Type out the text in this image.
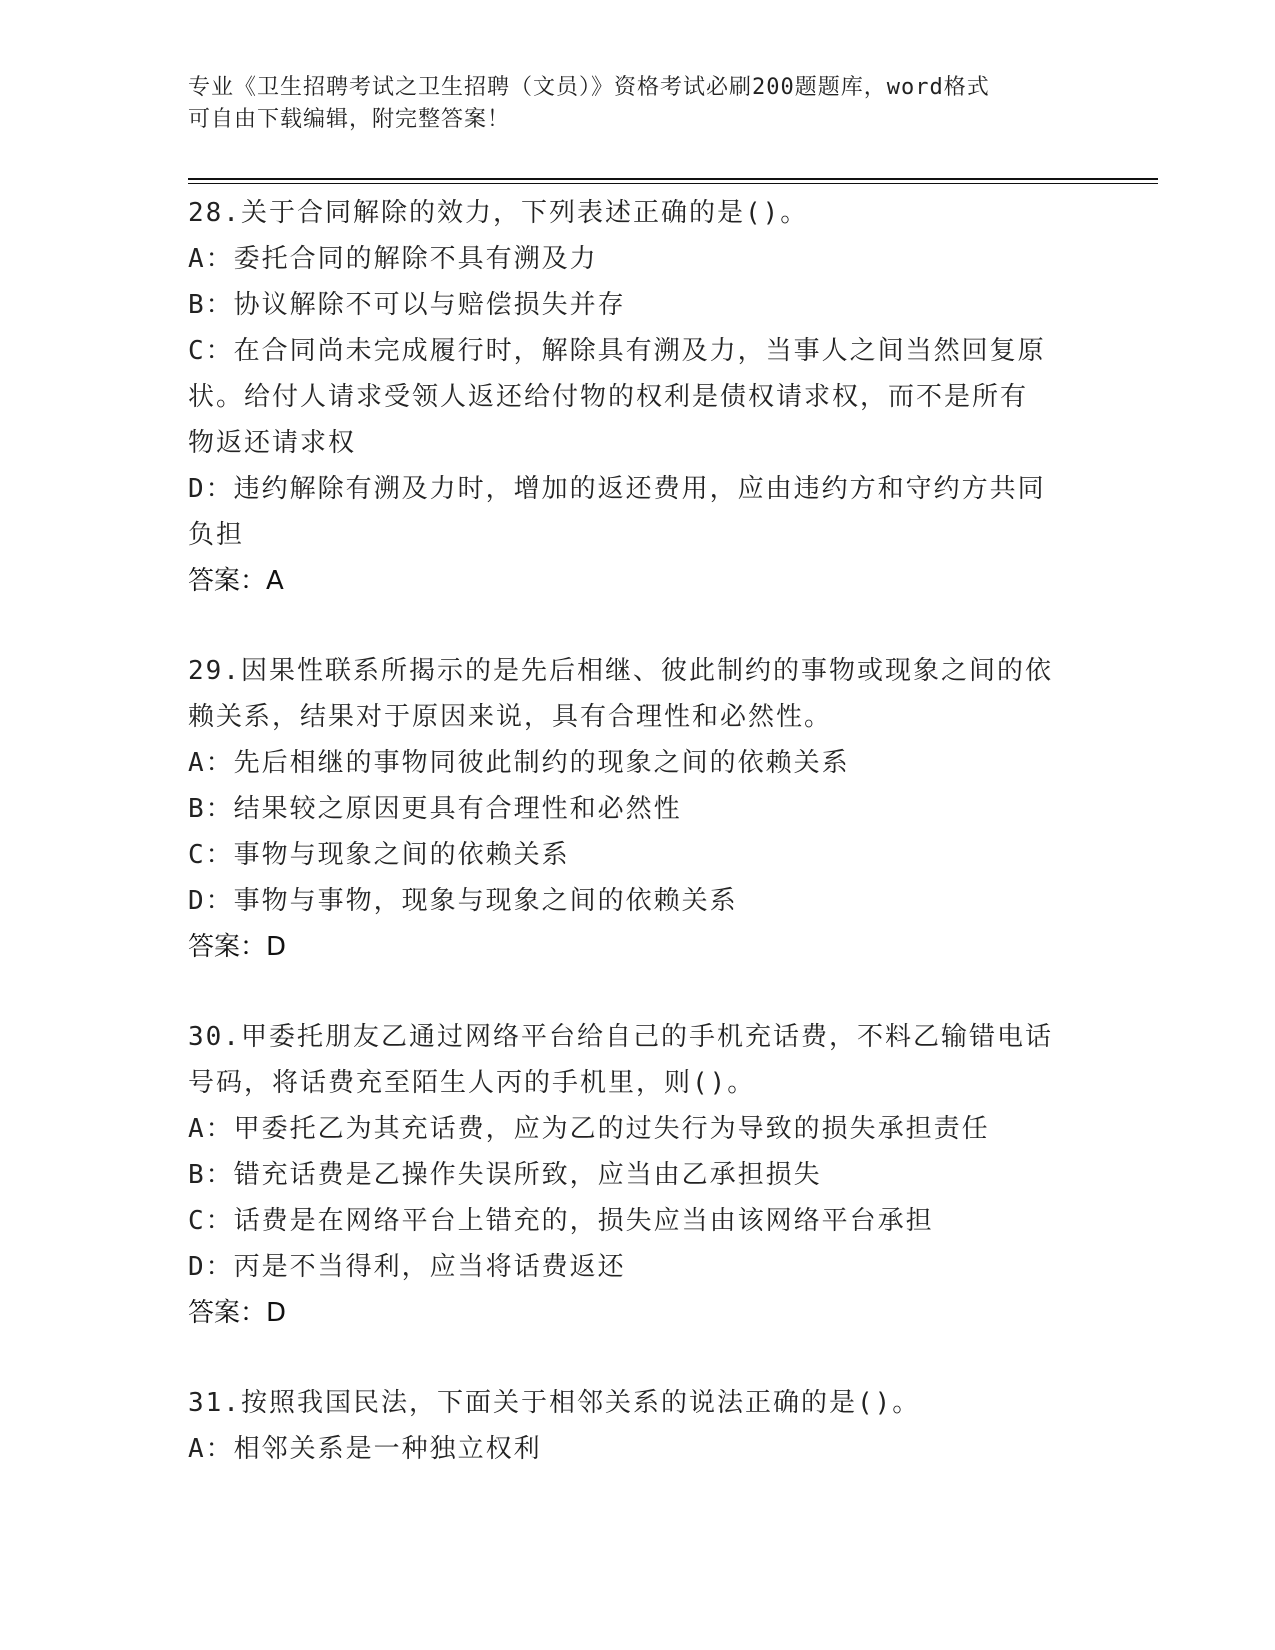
专业《卫生招聘考试之卫生招聘（文员）》资格考试必刷200题题库，word格式
可自由下载编辑，附完整答案！
28.关于合同解除的效力，下列表述正确的是()。
A：委托合同的解除不具有溯及力
B：协议解除不可以与赔偿损失并存
C：在合同尚未完成履行时，解除具有溯及力，当事人之间当然回复原
状。给付人请求受领人返还给付物的权利是债权请求权，而不是所有
物返还请求权
D：违约解除有溯及力时，增加的返还费用，应由违约方和守约方共同
负担
答案：A
29.因果性联系所揭示的是先后相继、彼此制约的事物或现象之间的依
赖关系，结果对于原因来说，具有合理性和必然性。
A：先后相继的事物同彼此制约的现象之间的依赖关系
B：结果较之原因更具有合理性和必然性
C：事物与现象之间的依赖关系
D：事物与事物，现象与现象之间的依赖关系
答案：D
30.甲委托朋友乙通过网络平台给自己的手机充话费，不料乙输错电话
号码，将话费充至陌生人丙的手机里，则()。
A：甲委托乙为其充话费，应为乙的过失行为导致的损失承担责任
B：错充话费是乙操作失误所致，应当由乙承担损失
C：话费是在网络平台上错充的，损失应当由该网络平台承担
D：丙是不当得利，应当将话费返还
答案：D
31.按照我国民法，下面关于相邻关系的说法正确的是()。
A：相邻关系是一种独立权利
